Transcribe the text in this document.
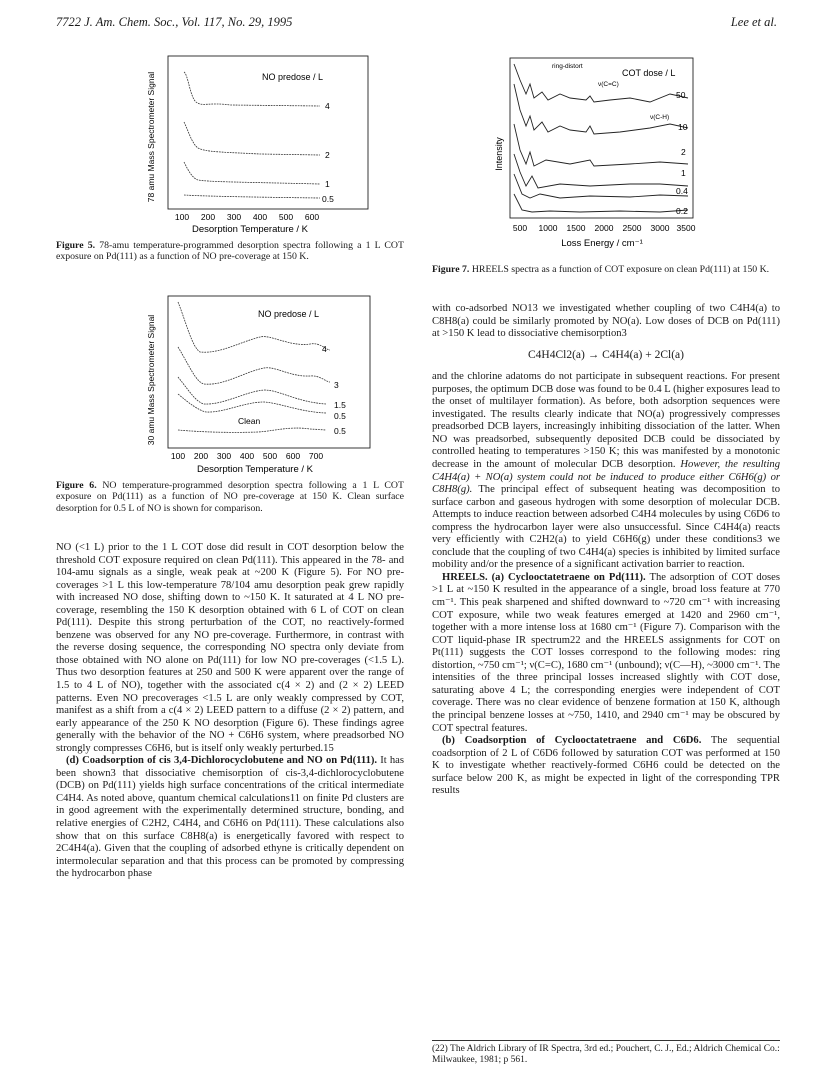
7722 J. Am. Chem. Soc., Vol. 117, No. 29, 1995	Lee et al.
78 amu Mass Spectrometer Signal	NO predose / L
4
2
1
0.5
100 200 300 400 500 600
Desorption Temperature / K
Figure 5. 78-amu temperature-programmed desorption spectra following a 1 L COT exposure on Pd(111) as a function of NO pre-coverage at 150 K.
30 amu Mass Spectrometer Signal
NO predose / L
Clean
4
3
1.5
0.5
0.5
100 200 300 400 500 600 700
Desorption Temperature / K
Figure 6. NO temperature-programmed desorption spectra following a 1 L COT exposure on Pd(111) as a function of NO pre-coverage at 150 K. Clean surface desorption for 0.5 L of NO is shown for comparison.
Intensity
ring-distort
COT dose / L
ν(C=C)
ν(C-H)
50
10
2
1
0.4
0.2
500 1000 1500 2000 2500 3000 3500
Loss Energy / cm⁻¹
Figure 7. HREELS spectra as a function of COT exposure on clean Pd(111) at 150 K.

NO (<1 L) prior to the 1 L COT dose did result in COT desorption below the threshold COT exposure required on clean Pd(111). This appeared in the 78- and 104-amu signals as a single, weak peak at ~200 K (Figure 5). For NO pre-coverages >1 L this low-temperature 78/104 amu desorption peak grew rapidly with increased NO dose, shifting down to ~150 K. It saturated at 4 L NO pre-coverage, resembling the 150 K desorption obtained with 6 L of COT on clean Pd(111). Despite this strong perturbation of the COT, no reactively-formed benzene was observed for any NO pre-coverage. Furthermore, in contrast with the reverse dosing sequence, the corresponding NO spectra only deviate from those obtained with NO alone on Pd(111) for low NO pre-coverages (<1.5 L). Thus two desorption features at 250 and 500 K were apparent over the range of 1.5 to 4 L of NO), together with the associated c(4 × 2) and (2 × 2) LEED patterns. Even NO precoverages <1.5 L are only weakly compressed by COT, manifest as a shift from a c(4 × 2) LEED pattern to a diffuse (2 × 2) pattern, and early appearance of the 250 K NO desorption (Figure 6). These findings agree generally with the behavior of the NO + C6H6 system, where preadsorbed NO strongly compresses C6H6, but is itself only weakly perturbed.15

(d) Coadsorption of cis 3,4-Dichlorocyclobutene and NO on Pd(111). It has been shown3 that dissociative chemisorption of cis-3,4-dichlorocyclobutene (DCB) on Pd(111) yields high surface concentrations of the critical intermediate C4H4. As noted above, quantum chemical calculations11 on finite Pd clusters are in good agreement with the experimentally determined structure, bonding, and relative energies of C2H2, C4H4, and C6H6 on Pd(111). These calculations also show that on this surface C8H8(a) is energetically favored with respect to 2C4H4(a). Given that the coupling of adsorbed ethyne is critically dependent on intermolecular separation and that this process can be promoted by compressing the hydrocarbon phase

with co-adsorbed NO13 we investigated whether coupling of two C4H4(a) to C8H8(a) could be similarly promoted by NO(a). Low doses of DCB on Pd(111) at >150 K lead to dissociative chemisorption3

C4H4Cl2(a) → C4H4(a) + 2Cl(a)

and the chlorine adatoms do not participate in subsequent reactions. For present purposes, the optimum DCB dose was found to be 0.4 L (higher exposures lead to the onset of multilayer formation). As before, both adsorption sequences were investigated. The results clearly indicate that NO(a) progressively compresses preadsorbed DCB layers, increasingly inhibiting dissociation of the latter. When NO was preadsorbed, subsequently deposited DCB could be dissociated by controlled heating to temperatures >150 K; this was manifested by a monotonic decrease in the amount of molecular DCB desorption. However, the resulting C4H4(a) + NO(a) system could not be induced to produce either C6H6(g) or C8H8(g). The principal effect of subsequent heating was decomposition to surface carbon and gaseous hydrogen with some desorption of molecular DCB. Attempts to induce reaction between adsorbed C4H4 molecules by using C6D6 to compress the hydrocarbon layer were also unsuccessful. Since C4H4(a) reacts very efficiently with C2H2(a) to yield C6H6(g) under these conditions3 we conclude that the coupling of two C4H4(a) species is inhibited by limited surface mobility and/or the presence of a significant activation barrier to reaction.

HREELS. (a) Cyclooctatetraene on Pd(111). The adsorption of COT doses >1 L at ~150 K resulted in the appearance of a single, broad loss feature at 770 cm⁻¹. This peak sharpened and shifted downward to ~720 cm⁻¹ with increasing COT exposure, while two weak features emerged at 1420 and 2960 cm⁻¹, together with a more intense loss at 1680 cm⁻¹ (Figure 7). Comparison with the COT liquid-phase IR spectrum22 and the HREELS assignments for COT on Pt(111) suggests the COT losses correspond to the following modes: ring distortion, ~750 cm⁻¹; ν(C=C), 1680 cm⁻¹ (unbound); ν(C—H), ~3000 cm⁻¹. The intensities of the three principal losses increased slightly with COT dose, saturating above 4 L; the corresponding energies were independent of COT coverage. There was no clear evidence of benzene formation at 150 K, although the principal benzene losses at ~750, 1410, and 2940 cm⁻¹ may be obscured by COT spectral features.

(b) Coadsorption of Cyclooctatetraene and C6D6. The sequential coadsorption of 2 L of C6D6 followed by saturation COT was performed at 150 K to investigate whether reactively-formed C6H6 could be detected on the surface below 200 K, as might be expected in light of the corresponding TPR results

(22) The Aldrich Library of IR Spectra, 3rd ed.; Pouchert, C. J., Ed.; Aldrich Chemical Co.: Milwaukee, 1981; p 561.
